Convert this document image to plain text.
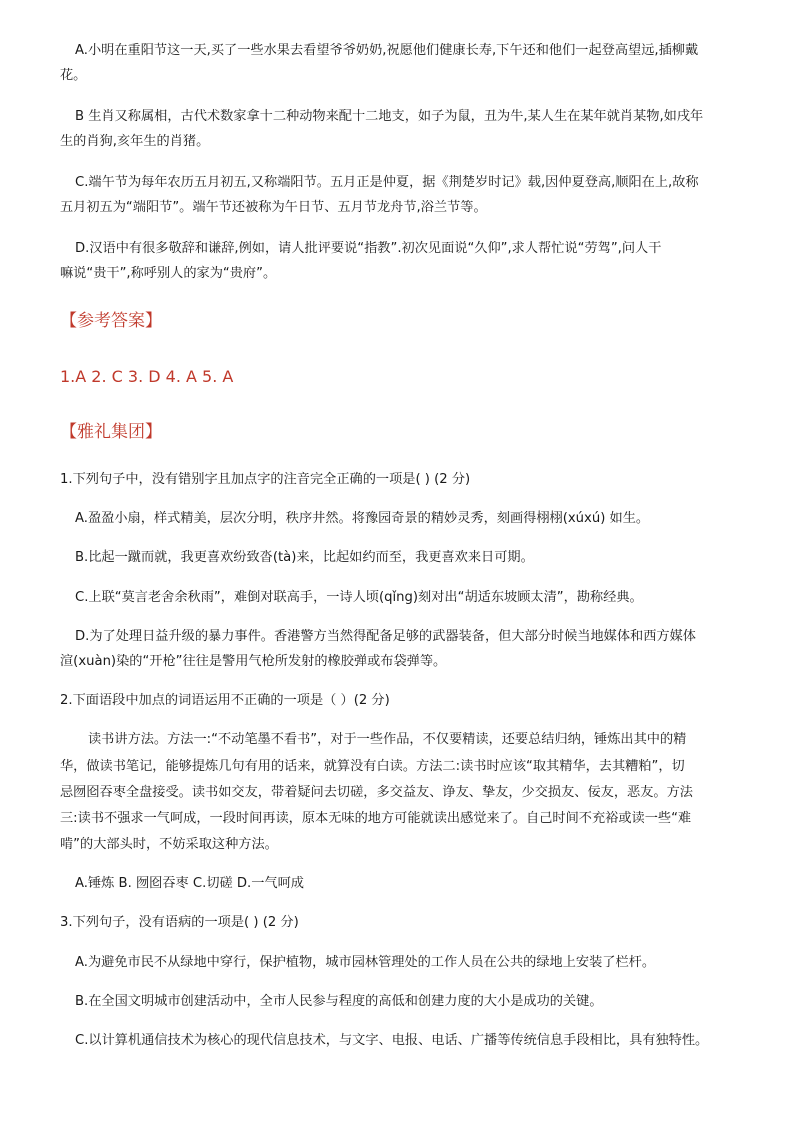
A.小明在重阳节这一天,买了一些水果去看望爷爷奶奶,祝愿他们健康长寿,下午还和他们一起登高望远,插柳戴
花。
B 生肖又称属相，古代术数家拿十二种动物来配十二地支，如子为鼠，丑为牛,某人生在某年就肖某物,如戌年
生的肖狗,亥年生的肖猪。
C.端午节为每年农历五月初五,又称端阳节。五月正是仲夏，据《荆楚岁时记》载,因仲夏登高,顺阳在上,故称
五月初五为“端阳节”。端午节还被称为午日节、五月节龙舟节,浴兰节等。
D.汉语中有很多敬辞和谦辞,例如，请人批评要说“指教”.初次见面说“久仰”,求人帮忙说“劳驾”,问人干
嘛说“贵干”,称呼别人的家为“贵府”。
【参考答案】
1.A 2. C 3. D 4. A 5. A
【雅礼集团】
1.下列句子中，没有错别字且加点字的注音完全正确的一项是( ) (2 分)
A.盈盈小扇，样式精美，层次分明，秩序井然。将豫园奇景的精妙灵秀，刻画得栩栩(xúxú) 如生。
B.比起一蹴而就，我更喜欢纷致沓(tà)来，比起如约而至，我更喜欢来日可期。
C.上联“莫言老舍余秋雨”，难倒对联高手，一诗人顷(qǐng)刻对出“胡适东坡顾太清”，勘称经典。
D.为了处理日益升级的暴力事件。香港警方当然得配备足够的武器装备，但大部分时候当地媒体和西方媒体
渲(xuàn)染的“开枪”往往是警用气枪所发射的橡胶弹或布袋弹等。
2.下面语段中加点的词语运用不正确的一项是（ ）(2 分)
读书讲方法。方法一:“不动笔墨不看书”，对于一些作品，不仅要精读，还要总结归纳，锤炼出其中的精
华，做读书笔记，能够提炼几句有用的话来，就算没有白读。方法二:读书时应该“取其精华，去其糟粕”，切
忌囫囵吞枣全盘接受。读书如交友，带着疑问去切磋，多交益友、诤友、挚友，少交损友、佞友，恶友。方法
三:读书不强求一气呵成，一段时间再读，原本无味的地方可能就读出感觉来了。自己时间不充裕或读一些“难
啃”的大部头时，不妨采取这种方法。
A.锤炼 B. 囫囵吞枣 C.切磋 D.一气呵成
3.下列句子，没有语病的一项是( ) (2 分)
A.为避免市民不从绿地中穿行，保护植物，城市园林管理处的工作人员在公共的绿地上安装了栏杆。
B.在全国文明城市创建活动中，全市人民参与程度的高低和创建力度的大小是成功的关键。
C.以计算机通信技术为核心的现代信息技术，与文字、电报、电话、广播等传统信息手段相比，具有独特性。
